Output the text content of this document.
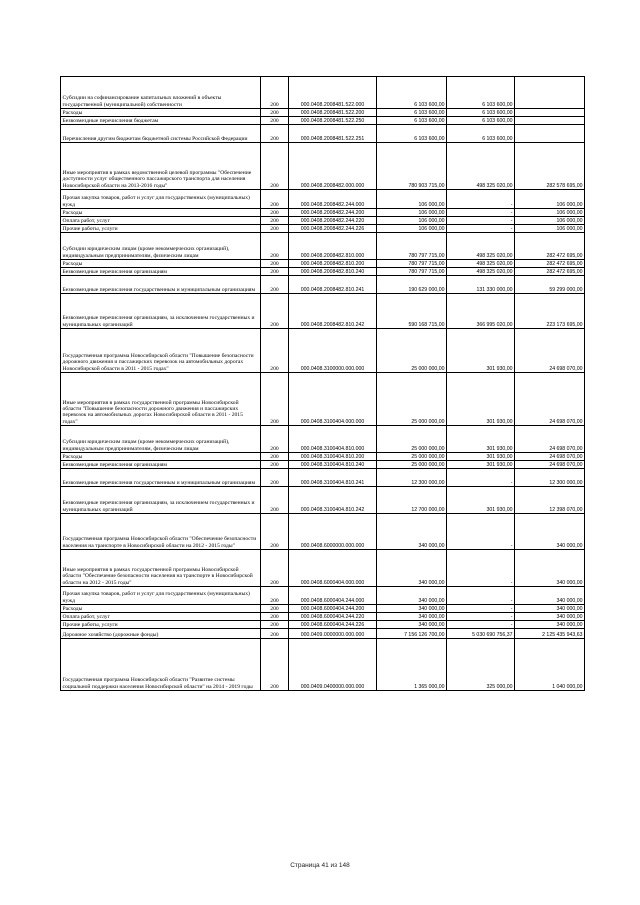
Субсидии на софинансирование капитальных вложений в объекты государственной (муниципальной) собственности	200	000.0408.2008481.522.000	6 103 600,00	6 103 600,00	
Расходы	200	000.0408.2008481.522.200	6 103 600,00	6 103 600,00	
Безвозмездные перечисления бюджетам	200	000.0408.2008481.522.250	6 103 600,00	6 103 600,00	
Перечисления другим бюджетам бюджетной системы Российской Федерации	200	000.0408.2008481.522.251	6 103 600,00	6 103 600,00	
Иные мероприятия в рамках ведомственной целевой программы "Обеспечение доступности услуг общественного пассажирского транспорта для населения Новосибирской области на 2013-2016 годы"	200	000.0408.2008482.000.000	780 903 715,00	498 325 020,00	282 578 695,00
Прочая закупка товаров, работ и услуг для государственных (муниципальных) нужд	200	000.0408.2008482.244.000	106 000,00	-	106 000,00
Расходы	200	000.0408.2008482.244.200	106 000,00	-	106 000,00
Оплата работ, услуг	200	000.0408.2008482.244.220	106 000,00	-	106 000,00
Прочие работы, услуги	200	000.0408.2008482.244.226	106 000,00	-	106 000,00
Субсидии юридическим лицам (кроме некоммерческих организаций), индивидуальным предпринимателям, физическим лицам	200	000.0408.2008482.810.000	780 797 715,00	498 325 020,00	282 472 695,00
Расходы	200	000.0408.2008482.810.200	780 797 715,00	498 325 020,00	282 472 695,00
Безвозмездные перечисления организациям	200	000.0408.2008482.810.240	780 797 715,00	498 325 020,00	282 472 695,00
Безвозмездные перечисления государственным и муниципальным организациям	200	000.0408.2008482.810.241	190 629 000,00	131 330 000,00	59 299 000,00
Безвозмездные перечисления организациям, за исключением государственных и муниципальных организаций	200	000.0408.2008482.810.242	590 168 715,00	366 995 020,00	223 173 695,00
Государственная программа Новосибирской области "Повышение безопасности дорожного движения и пассажирских перевозок на автомобильных дорогах Новосибирской области в 2011 - 2015 годах"	200	000.0408.3100000.000.000	25 000 000,00	301 930,00	24 698 070,00
Иные мероприятия в рамках государственной программы Новосибирской области "Повышение безопасности дорожного движения и пассажирских перевозок на автомобильных дорогах Новосибирской области в 2011 - 2015 годах"	200	000.0408.3100404.000.000	25 000 000,00	301 930,00	24 698 070,00
Субсидии юридическим лицам (кроме некоммерческих организаций), индивидуальным предпринимателям, физическим лицам	200	000.0408.3100404.810.000	25 000 000,00	301 930,00	24 698 070,00
Расходы	200	000.0408.3100404.810.200	25 000 000,00	301 930,00	24 698 070,00
Безвозмездные перечисления организациям	200	000.0408.3100404.810.240	25 000 000,00	301 930,00	24 698 070,00
Безвозмездные перечисления государственным и муниципальным организациям	200	000.0408.3100404.810.241	12 300 000,00	-	12 300 000,00
Безвозмездные перечисления организациям, за исключением государственных и муниципальных организаций	200	000.0408.3100404.810.242	12 700 000,00	301 930,00	12 398 070,00
Государственная программа Новосибирской области "Обеспечение безопасности населения на транспорте в Новосибирской области на 2012 - 2015 годы"	200	000.0408.6000000.000.000	340 000,00	-	340 000,00
Иные мероприятия в рамках государственной программы Новосибирской области "Обеспечение безопасности населения на транспорте в Новосибирской области на 2012 - 2015 годы"	200	000.0408.6000404.000.000	340 000,00	-	340 000,00
Прочая закупка товаров, работ и услуг для государственных (муниципальных) нужд	200	000.0408.6000404.244.000	340 000,00	-	340 000,00
Расходы	200	000.0408.6000404.244.200	340 000,00	-	340 000,00
Оплата работ, услуг	200	000.0408.6000404.244.220	340 000,00	-	340 000,00
Прочие работы, услуги	200	000.0408.6000404.244.226	340 000,00	-	340 000,00
Дорожное хозяйство (дорожные фонды)	200	000.0409.0000000.000.000	7 156 126 700,00	5 030 690 756,37	2 125 435 943,63
Государственная программа Новосибирской области "Развитие системы социальной поддержки населения Новосибирской области" на 2014 - 2019 годы	200	000.0409.0400000.000.000	1 365 000,00	325 000,00	1 040 000,00
Страница 41 из 148
